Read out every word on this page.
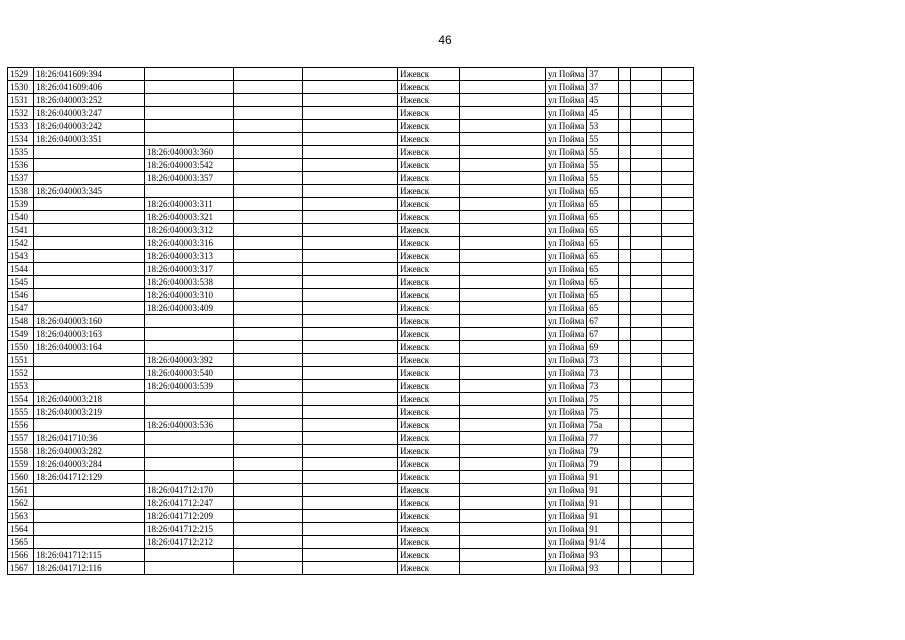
46
1529	18:26:041609:394				Ижевск		ул Пойма	37			
1530	18:26:041609:406				Ижевск		ул Пойма	37			
1531	18:26:040003:252				Ижевск		ул Пойма	45			
1532	18:26:040003:247				Ижевск		ул Пойма	45			
1533	18:26:040003:242				Ижевск		ул Пойма	53			
1534	18:26:040003:351				Ижевск		ул Пойма	55			
1535		18:26:040003:360			Ижевск		ул Пойма	55			
1536		18:26:040003:542			Ижевск		ул Пойма	55			
1537		18:26:040003:357			Ижевск		ул Пойма	55			
1538	18:26:040003:345				Ижевск		ул Пойма	65			
1539		18:26:040003:311			Ижевск		ул Пойма	65			
1540		18:26:040003:321			Ижевск		ул Пойма	65			
1541		18:26:040003:312			Ижевск		ул Пойма	65			
1542		18:26:040003:316			Ижевск		ул Пойма	65			
1543		18:26:040003:313			Ижевск		ул Пойма	65			
1544		18:26:040003:317			Ижевск		ул Пойма	65			
1545		18:26:040003:538			Ижевск		ул Пойма	65			
1546		18:26:040003:310			Ижевск		ул Пойма	65			
1547		18:26:040003:409			Ижевск		ул Пойма	65			
1548	18:26:040003:160				Ижевск		ул Пойма	67			
1549	18:26:040003:163				Ижевск		ул Пойма	67			
1550	18:26:040003:164				Ижевск		ул Пойма	69			
1551		18:26:040003:392			Ижевск		ул Пойма	73			
1552		18:26:040003:540			Ижевск		ул Пойма	73			
1553		18:26:040003:539			Ижевск		ул Пойма	73			
1554	18:26:040003:218				Ижевск		ул Пойма	75			
1555	18:26:040003:219				Ижевск		ул Пойма	75			
1556		18:26:040003:536			Ижевск		ул Пойма	75а			
1557	18:26:041710:36				Ижевск		ул Пойма	77			
1558	18:26:040003:282				Ижевск		ул Пойма	79			
1559	18:26:040003:284				Ижевск		ул Пойма	79			
1560	18:26:041712:129				Ижевск		ул Пойма	91			
1561		18:26:041712:170			Ижевск		ул Пойма	91			
1562		18:26:041712:247			Ижевск		ул Пойма	91			
1563		18:26:041712:209			Ижевск		ул Пойма	91			
1564		18:26:041712:215			Ижевск		ул Пойма	91			
1565		18:26:041712:212			Ижевск		ул Пойма	91/4			
1566	18:26:041712:115				Ижевск		ул Пойма	93			
1567	18:26:041712:116				Ижевск		ул Пойма	93			
